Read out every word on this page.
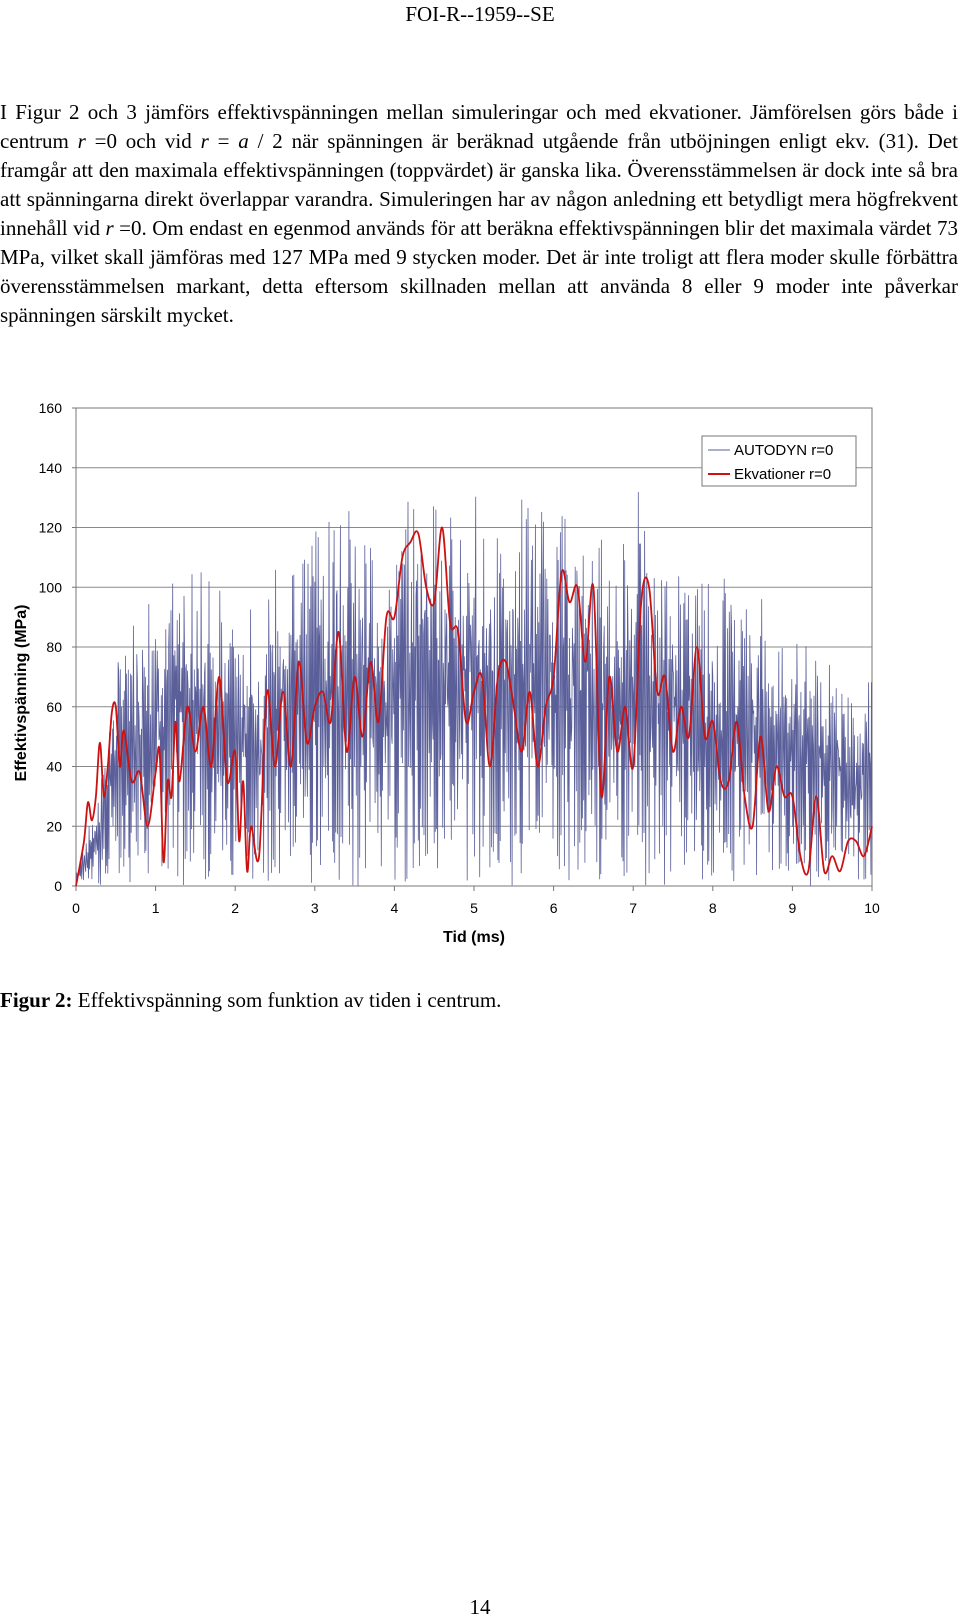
FOI-R--1959--SE

I Figur 2 och 3 jämförs effektivspänningen mellan simuleringar och med ekvationer. Jämförelsen görs både i centrum r =0 och vid r = a / 2 när spänningen är beräknad utgående från utböjningen enligt ekv. (31). Det framgår att den maximala effektivspänningen (toppvärdet) är ganska lika. Överensstämmelsen är dock inte så bra att spänningarna direkt överlappar varandra. Simuleringen har av någon anledning ett betydligt mera högfrekvent innehåll vid r =0. Om endast en egenmod används för att beräkna effektivspänningen blir det maximala värdet 73 MPa, vilket skall jämföras med 127 MPa med 9 stycken moder. Det är inte troligt att flera moder skulle förbättra överensstämmelsen markant, detta eftersom skillnaden mellan att använda 8 eller 9 moder inte påverkar spänningen särskilt mycket.

0
20
40
60
80
100
120
140
160
0	1	2	3	4	5	6	7	8	9	10
AUTODYN r=0
Ekvationer r=0
Tid (ms)
Effektivspänning (MPa)
Figur 2: Effektivspänning som funktion av tiden i centrum.
14
